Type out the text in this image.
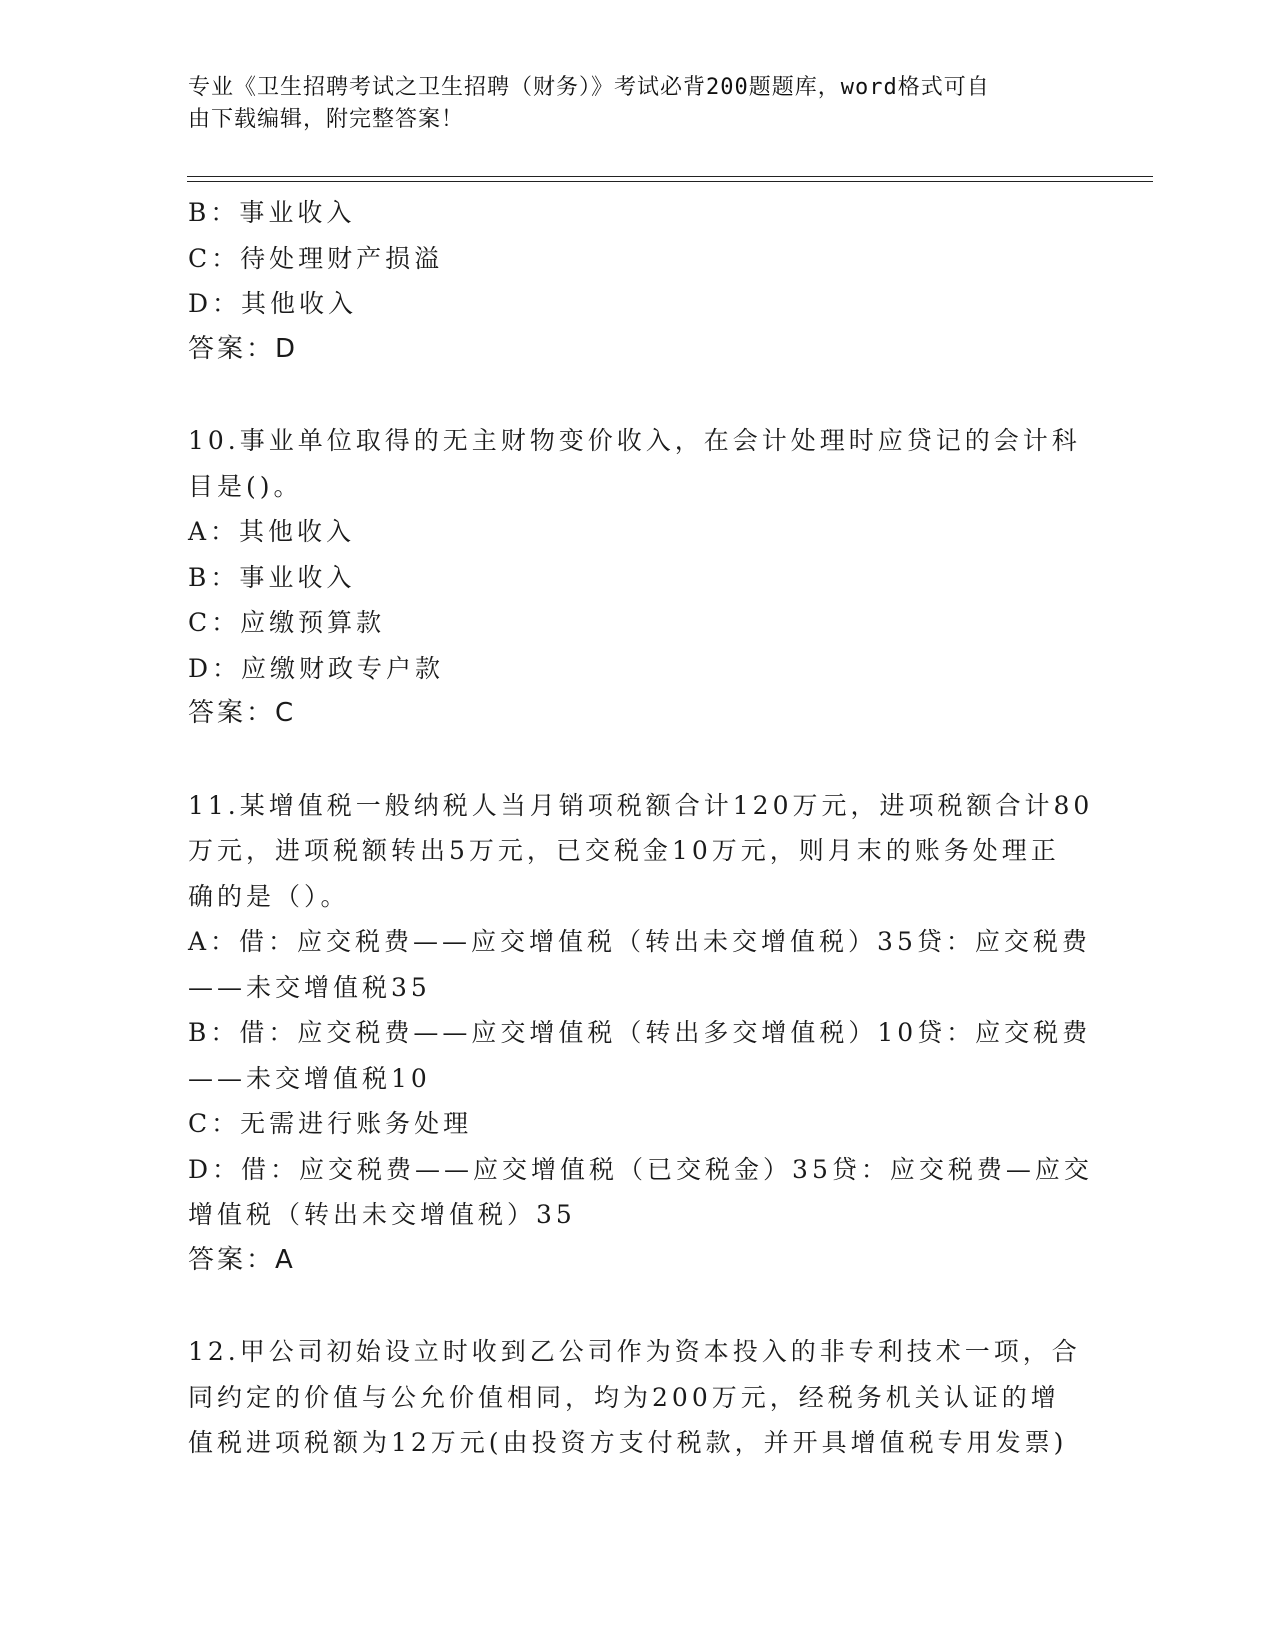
专业《卫生招聘考试之卫生招聘（财务）》考试必背200题题库，word格式可自
由下载编辑，附完整答案！
B：事业收入
C：待处理财产损溢
D：其他收入
答案：D
10.事业单位取得的无主财物变价收入，在会计处理时应贷记的会计科
目是()。
A：其他收入
B：事业收入
C：应缴预算款
D：应缴财政专户款
答案：C
11.某增值税一般纳税人当月销项税额合计120万元，进项税额合计80
万元，进项税额转出5万元，已交税金10万元，则月末的账务处理正
确的是（）。
A：借：应交税费——应交增值税（转出未交增值税）35贷：应交税费
——未交增值税35
B：借：应交税费——应交增值税（转出多交增值税）10贷：应交税费
——未交增值税10
C：无需进行账务处理
D：借：应交税费——应交增值税（已交税金）35贷：应交税费—应交
增值税（转出未交增值税）35
答案：A
12.甲公司初始设立时收到乙公司作为资本投入的非专利技术一项，合
同约定的价值与公允价值相同，均为200万元，经税务机关认证的增
值税进项税额为12万元(由投资方支付税款，并开具增值税专用发票)
